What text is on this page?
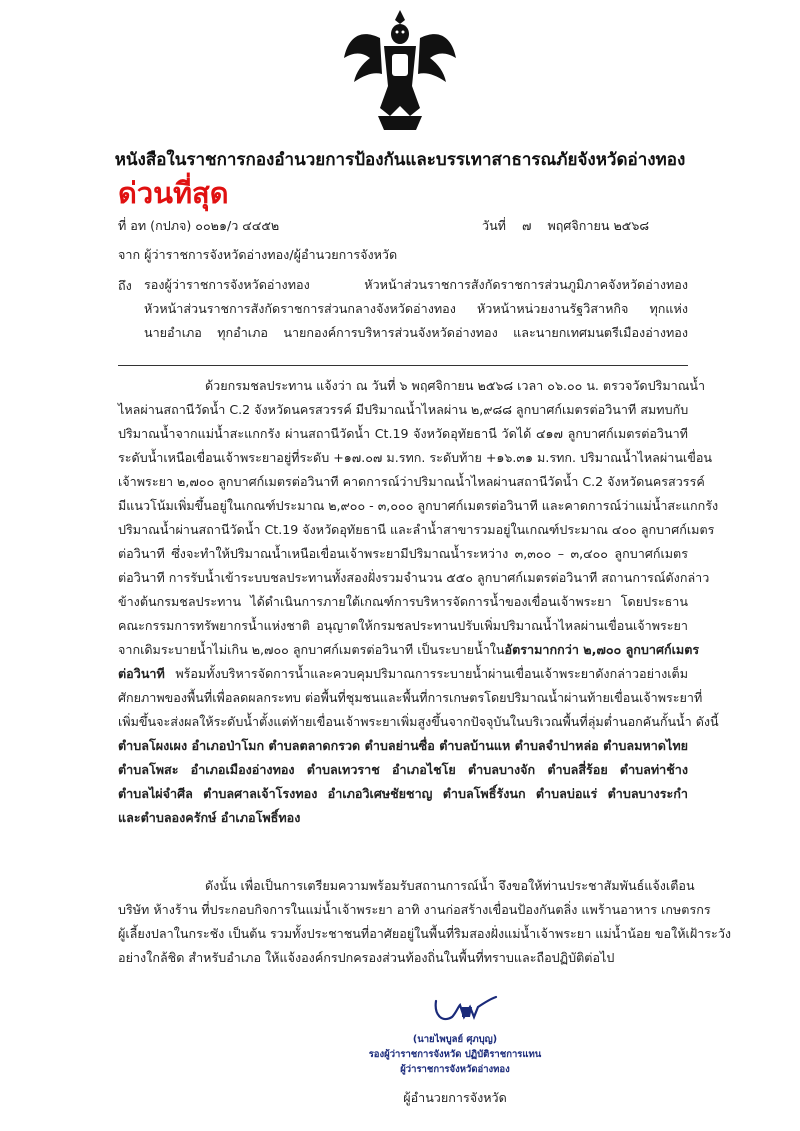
หนังสือในราชการกองอำนวยการป้องกันและบรรเทาสาธารณภัยจังหวัดอ่างทอง
ด่วนที่สุด
ที่ อท (กปภจ) ๐๐๒๑/ว ๔๔๕๒	วันที่ ๗ พฤศจิกายน ๒๕๖๘
จาก ผู้ว่าราชการจังหวัดอ่างทอง/ผู้อำนวยการจังหวัด
ถึง รองผู้ว่าราชการจังหวัดอ่างทอง หัวหน้าส่วนราชการสังกัดราชการส่วนภูมิภาคจังหวัดอ่างทอง
หัวหน้าส่วนราชการสังกัดราชการส่วนกลางจังหวัดอ่างทอง หัวหน้าหน่วยงานรัฐวิสาหกิจ ทุกแห่ง
นายอำเภอ ทุกอำเภอ นายกองค์การบริหารส่วนจังหวัดอ่างทอง และนายกเทศมนตรีเมืองอ่างทอง
ด้วยกรมชลประทาน แจ้งว่า ณ วันที่ ๖ พฤศจิกายน ๒๕๖๘ เวลา ๐๖.๐๐ น. ตรวจวัดปริมาณน้ำ
ไหลผ่านสถานีวัดน้ำ C.2 จังหวัดนครสวรรค์ มีปริมาณน้ำไหลผ่าน ๒,๙๘๘ ลูกบาศก์เมตรต่อวินาที สมทบกับ
ปริมาณน้ำจากแม่น้ำสะแกกรัง ผ่านสถานีวัดน้ำ Ct.19 จังหวัดอุทัยธานี วัดได้ ๔๑๗ ลูกบาศก์เมตรต่อวินาที
ระดับน้ำเหนือเขื่อนเจ้าพระยาอยู่ที่ระดับ +๑๗.๐๗ ม.รทก. ระดับท้าย +๑๖.๓๑ ม.รทก. ปริมาณน้ำไหลผ่านเขื่อน
เจ้าพระยา ๒,๗๐๐ ลูกบาศก์เมตรต่อวินาที คาดการณ์ว่าปริมาณน้ำไหลผ่านสถานีวัดน้ำ C.2 จังหวัดนครสวรรค์
มีแนวโน้มเพิ่มขึ้นอยู่ในเกณฑ์ประมาณ ๒,๙๐๐ - ๓,๐๐๐ ลูกบาศก์เมตรต่อวินาที และคาดการณ์ว่าแม่น้ำสะแกกรัง
ปริมาณน้ำผ่านสถานีวัดน้ำ Ct.19 จังหวัดอุทัยธานี และลำน้ำสาขารวมอยู่ในเกณฑ์ประมาณ ๔๐๐ ลูกบาศก์เมตร
ต่อวินาที ซึ่งจะทำให้ปริมาณน้ำเหนือเขื่อนเจ้าพระยามีปริมาณน้ำระหว่าง ๓,๓๐๐ – ๓,๔๐๐ ลูกบาศก์เมตร
ต่อวินาที การรับน้ำเข้าระบบชลประทานทั้งสองฝั่งรวมจำนวน ๕๕๐ ลูกบาศก์เมตรต่อวินาที สถานการณ์ดังกล่าว
ข้างต้นกรมชลประทาน ได้ดำเนินการภายใต้เกณฑ์การบริหารจัดการน้ำของเขื่อนเจ้าพระยา โดยประธาน
คณะกรรมการทรัพยากรน้ำแห่งชาติ อนุญาตให้กรมชลประทานปรับเพิ่มปริมาณน้ำไหลผ่านเขื่อนเจ้าพระยา
จากเดิมระบายน้ำไม่เกิน ๒,๗๐๐ ลูกบาศก์เมตรต่อวินาที เป็นระบายน้ำในอัตรามากกว่า ๒,๗๐๐ ลูกบาศก์เมตร
ต่อวินาที พร้อมทั้งบริหารจัดการน้ำและควบคุมปริมาณการระบายน้ำผ่านเขื่อนเจ้าพระยาดังกล่าวอย่างเต็ม
ศักยภาพของพื้นที่เพื่อลดผลกระทบ ต่อพื้นที่ชุมชนและพื้นที่การเกษตรโดยปริมาณน้ำผ่านท้ายเขื่อนเจ้าพระยาที่
เพิ่มขึ้นจะส่งผลให้ระดับน้ำตั้งแต่ท้ายเขื่อนเจ้าพระยาเพิ่มสูงขึ้นจากปัจจุบันในบริเวณพื้นที่ลุ่มต่ำนอกคันกั้นน้ำ ดังนี้
ตำบลโผงเผง อำเภอป่าโมก ตำบลตลาดกรวด ตำบลย่านซื่อ ตำบลบ้านแห ตำบลจำปาหล่อ ตำบลมหาดไทย
ตำบลโพสะ อำเภอเมืองอ่างทอง ตำบลเทวราช อำเภอไชโย ตำบลบางจัก ตำบลสี่ร้อย ตำบลท่าช้าง
ตำบลไผ่จำศีล ตำบลศาลเจ้าโรงทอง อำเภอวิเศษชัยชาญ ตำบลโพธิ์รังนก ตำบลบ่อแร่ ตำบลบางระกำ
และตำบลองครักษ์ อำเภอโพธิ์ทอง
ดังนั้น เพื่อเป็นการเตรียมความพร้อมรับสถานการณ์น้ำ จึงขอให้ท่านประชาสัมพันธ์แจ้งเตือน
บริษัท ห้างร้าน ที่ประกอบกิจการในแม่น้ำเจ้าพระยา อาทิ งานก่อสร้างเขื่อนป้องกันตลิ่ง แพร้านอาหาร เกษตรกร
ผู้เลี้ยงปลาในกระชัง เป็นต้น รวมทั้งประชาชนที่อาศัยอยู่ในพื้นที่ริมสองฝั่งแม่น้ำเจ้าพระยา แม่น้ำน้อย ขอให้เฝ้าระวัง
อย่างใกล้ชิด สำหรับอำเภอ ให้แจ้งองค์กรปกครองส่วนท้องถิ่นในพื้นที่ทราบและถือปฏิบัติต่อไป
(นายไพบูลย์ ศุภบุญ)
รองผู้ว่าราชการจังหวัด ปฏิบัติราชการแทน
ผู้ว่าราชการจังหวัดอ่างทอง
ผู้อำนวยการจังหวัด
